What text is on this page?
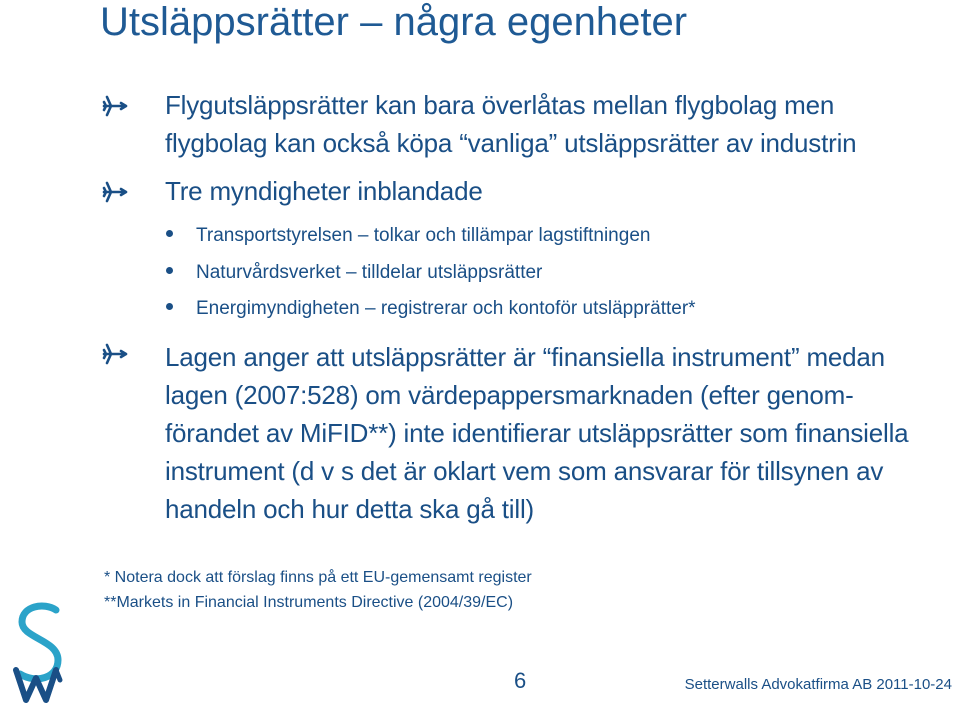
Utsläppsrätter – några egenheter
Flygutsläppsrätter kan bara överlåtas mellan flygbolag men
flygbolag kan också köpa “vanliga” utsläppsrätter av industrin
Tre myndigheter inblandade
Transportstyrelsen – tolkar och tillämpar lagstiftningen
Naturvårdsverket – tilldelar utsläppsrätter
Energimyndigheten – registrerar och kontoför utsläpprätter*
Lagen anger att utsläppsrätter är “finansiella instrument” medan
lagen (2007:528) om värdepappersmarknaden (efter genom-
förandet av MiFID**) inte identifierar utsläppsrätter som finansiella
instrument (d v s det är oklart vem som ansvarar för tillsynen av
handeln och hur detta ska gå till)
* Notera dock att förslag finns på ett EU-gemensamt register
**Markets in Financial Instruments Directive (2004/39/EC)
6	Setterwalls Advokatfirma AB 2011-10-24
